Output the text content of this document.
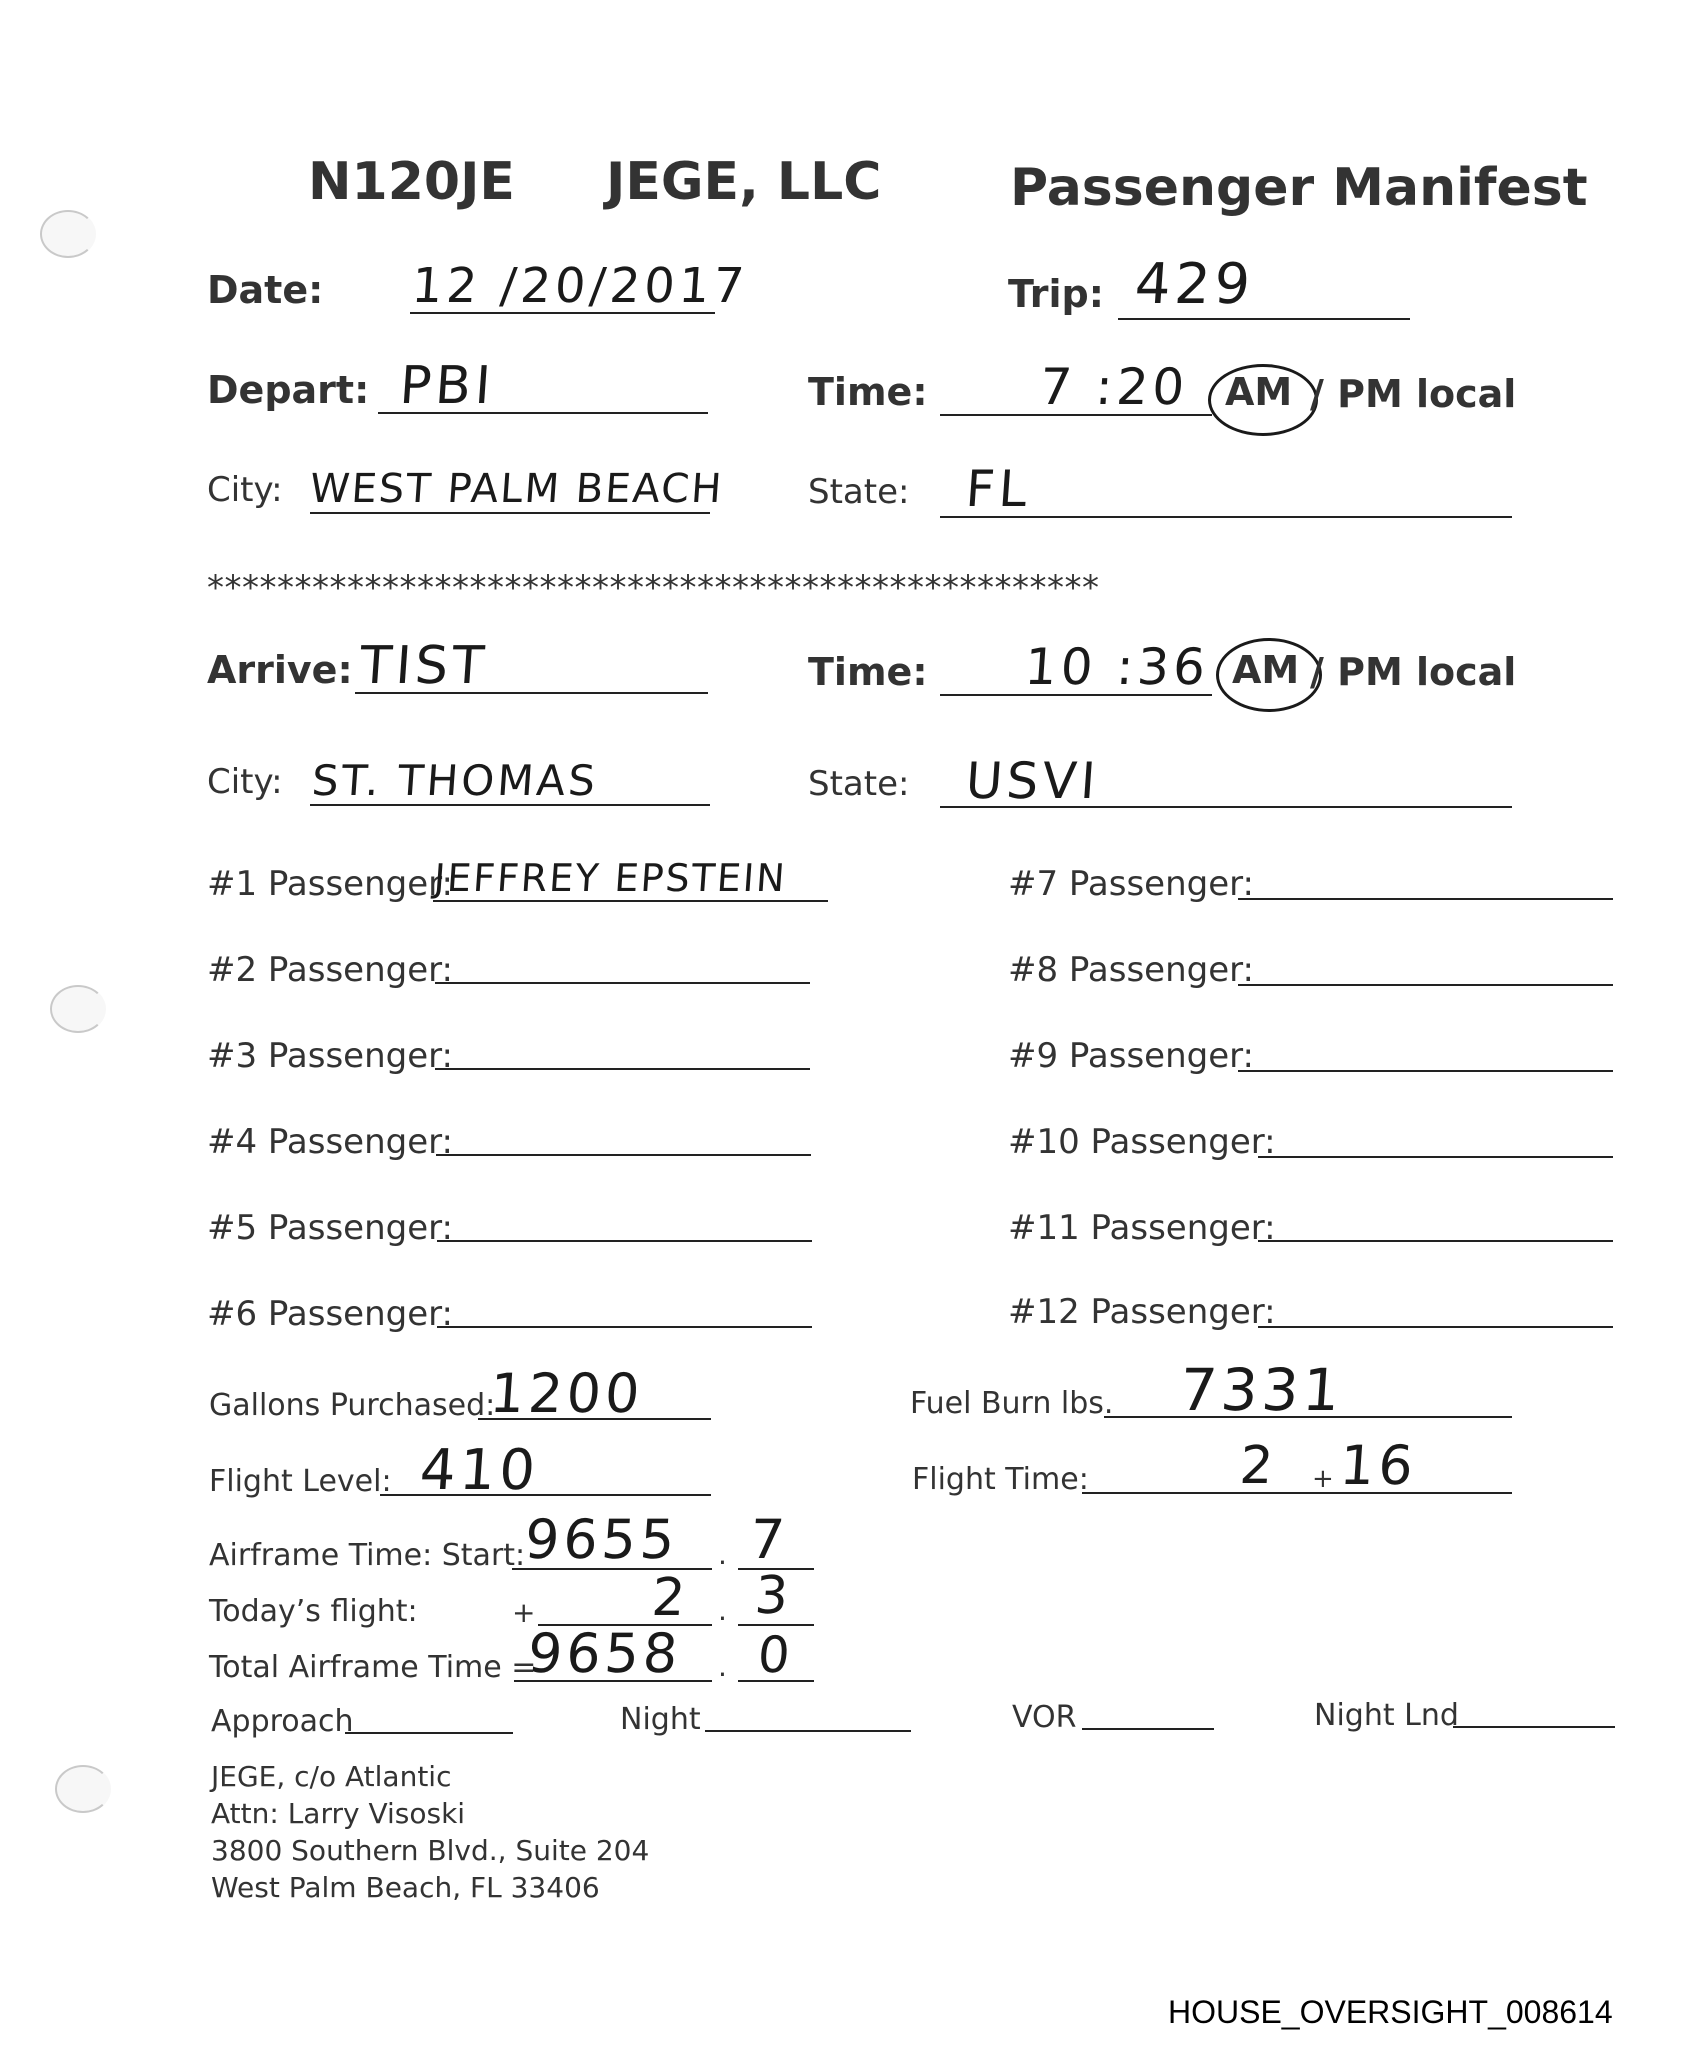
N120JE JEGE, LLC Passenger Manifest
Date: 12 /20/2017	Trip: 429
Depart: PBI	Time: 7 :20 AM / PM local
City: WEST PALM BEACH State: FL
***************************************************
Arrive: TIST	Time: 10 :36 AM / PM local
City: ST. THOMAS	State: USVI
#1 Passenger:
JEFFREY EPSTEIN
#2 Passenger:
#3 Passenger:
#4 Passenger:
#5 Passenger:
#6 Passenger:
#7 Passenger:
#8 Passenger:
#9 Passenger:
#10 Passenger:
#11 Passenger:
#12 Passenger:
Gallons Purchased:
1200	Fuel Burn lbs. 7331
Flight Level: 410	Flight Time:	2 + 16
Airframe Time: Start:
9655 . 7
Today’s flight:	+ 2 . 3
Total Airframe Time =
9658 . 0
Approach	Night	VOR	Night Lnd
JEGE, c/o Atlantic
Attn: Larry Visoski
3800 Southern Blvd., Suite 204
West Palm Beach, FL 33406
HOUSE_OVERSIGHT_008614
